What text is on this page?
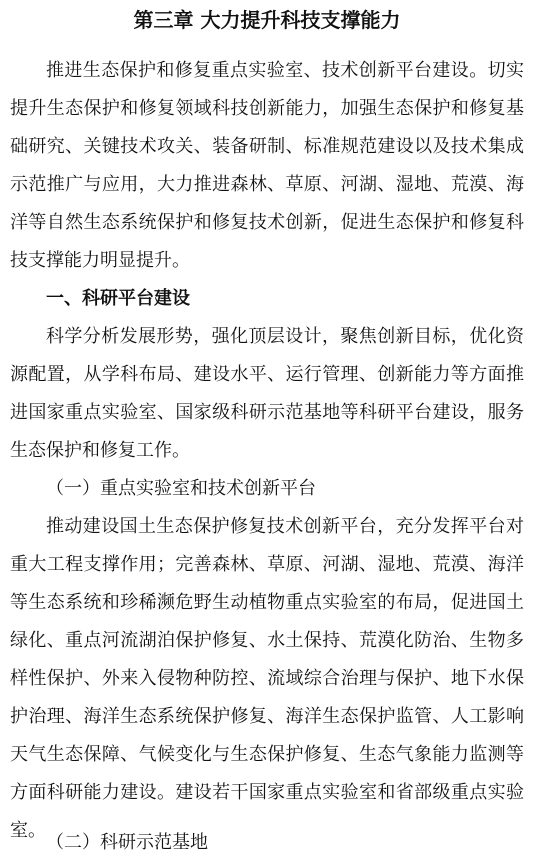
第三章 大力提升科技支撑能力
推进生态保护和修复重点实验室、技术创新平台建设。切实
提升生态保护和修复领域科技创新能力，加强生态保护和修复基
础研究、关键技术攻关、装备研制、标准规范建设以及技术集成
示范推广与应用，大力推进森林、草原、河湖、湿地、荒漠、海
洋等自然生态系统保护和修复技术创新，促进生态保护和修复科
技支撑能力明显提升。
一、科研平台建设
科学分析发展形势，强化顶层设计，聚焦创新目标，优化资
源配置，从学科布局、建设水平、运行管理、创新能力等方面推
进国家重点实验室、国家级科研示范基地等科研平台建设，服务
生态保护和修复工作。
（一）重点实验室和技术创新平台
推动建设国土生态保护修复技术创新平台，充分发挥平台对
重大工程支撑作用；完善森林、草原、河湖、湿地、荒漠、海洋
等生态系统和珍稀濒危野生动植物重点实验室的布局，促进国土
绿化、重点河流湖泊保护修复、水土保持、荒漠化防治、生物多
样性保护、外来入侵物种防控、流域综合治理与保护、地下水保
护治理、海洋生态系统保护修复、海洋生态保护监管、人工影响
天气生态保障、气候变化与生态保护修复、生态气象能力监测等
方面科研能力建设。建设若干国家重点实验室和省部级重点实验
室。
（二）科研示范基地
